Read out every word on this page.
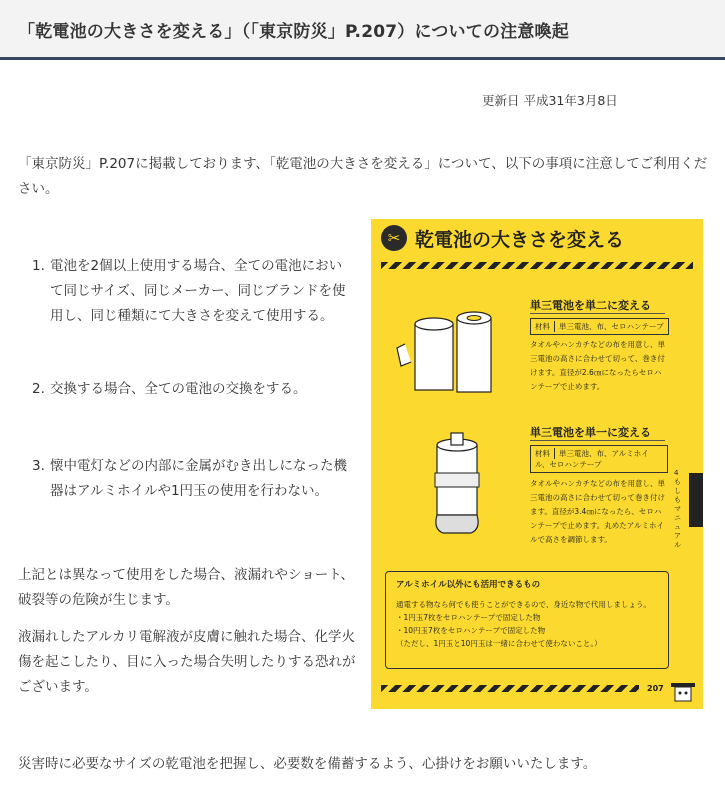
「乾電池の大きさを変える」（「東京防災」P.207）についての注意喚起
更新日 平成31年3月8日
「東京防災」P.207に掲載しております、「乾電池の大きさを変える」について、以下の事項に注意してご利用ください。
1. 電池を2個以上使用する場合、全ての電池において同じサイズ、同じメーカー、同じブランドを使用し、同じ種類にて大きさを変えて使用する。
2. 交換する場合、全ての電池の交換をする。
3. 懐中電灯などの内部に金属がむき出しになった機器はアルミホイルや1円玉の使用を行わない。
上記とは異なって使用をした場合、液漏れやショート、破裂等の危険が生じます。
液漏れしたアルカリ電解液が皮膚に触れた場合、化学火傷を起こしたり、目に入った場合失明したりする恐れがございます。
災害時に必要なサイズの乾電池を把握し、必要数を備蓄するよう、心掛けをお願いいたします。
✂ 乾電池の大きさを変える
単三電池を単二に変える
材料 単三電池、布、セロハンテープ
タオルやハンカチなどの布を用意し、単三電池の高さに合わせて切って、巻き付けます。直径が2.6㎝になったらセロハンテープで止めます。
単三電池を単一に変える
材料 単三電池、布、アルミホイル、セロハンテープ
タオルやハンカチなどの布を用意し、単三電池の高さに合わせて切って巻き付けます。直径が3.4㎝になったら、セロハンテープで止めます。丸めたアルミホイルで高さを調節します。
4 もしもマニュアル
アルミホイル以外にも活用できるもの
通電する物なら何でも使うことができるので、身近な物で代用しましょう。
・1円玉7枚をセロハンテープで固定した物
・10円玉7枚をセロハンテープで固定した物
（ただし、1円玉と10円玉は一緒に合わせて使わないこと。）
207
